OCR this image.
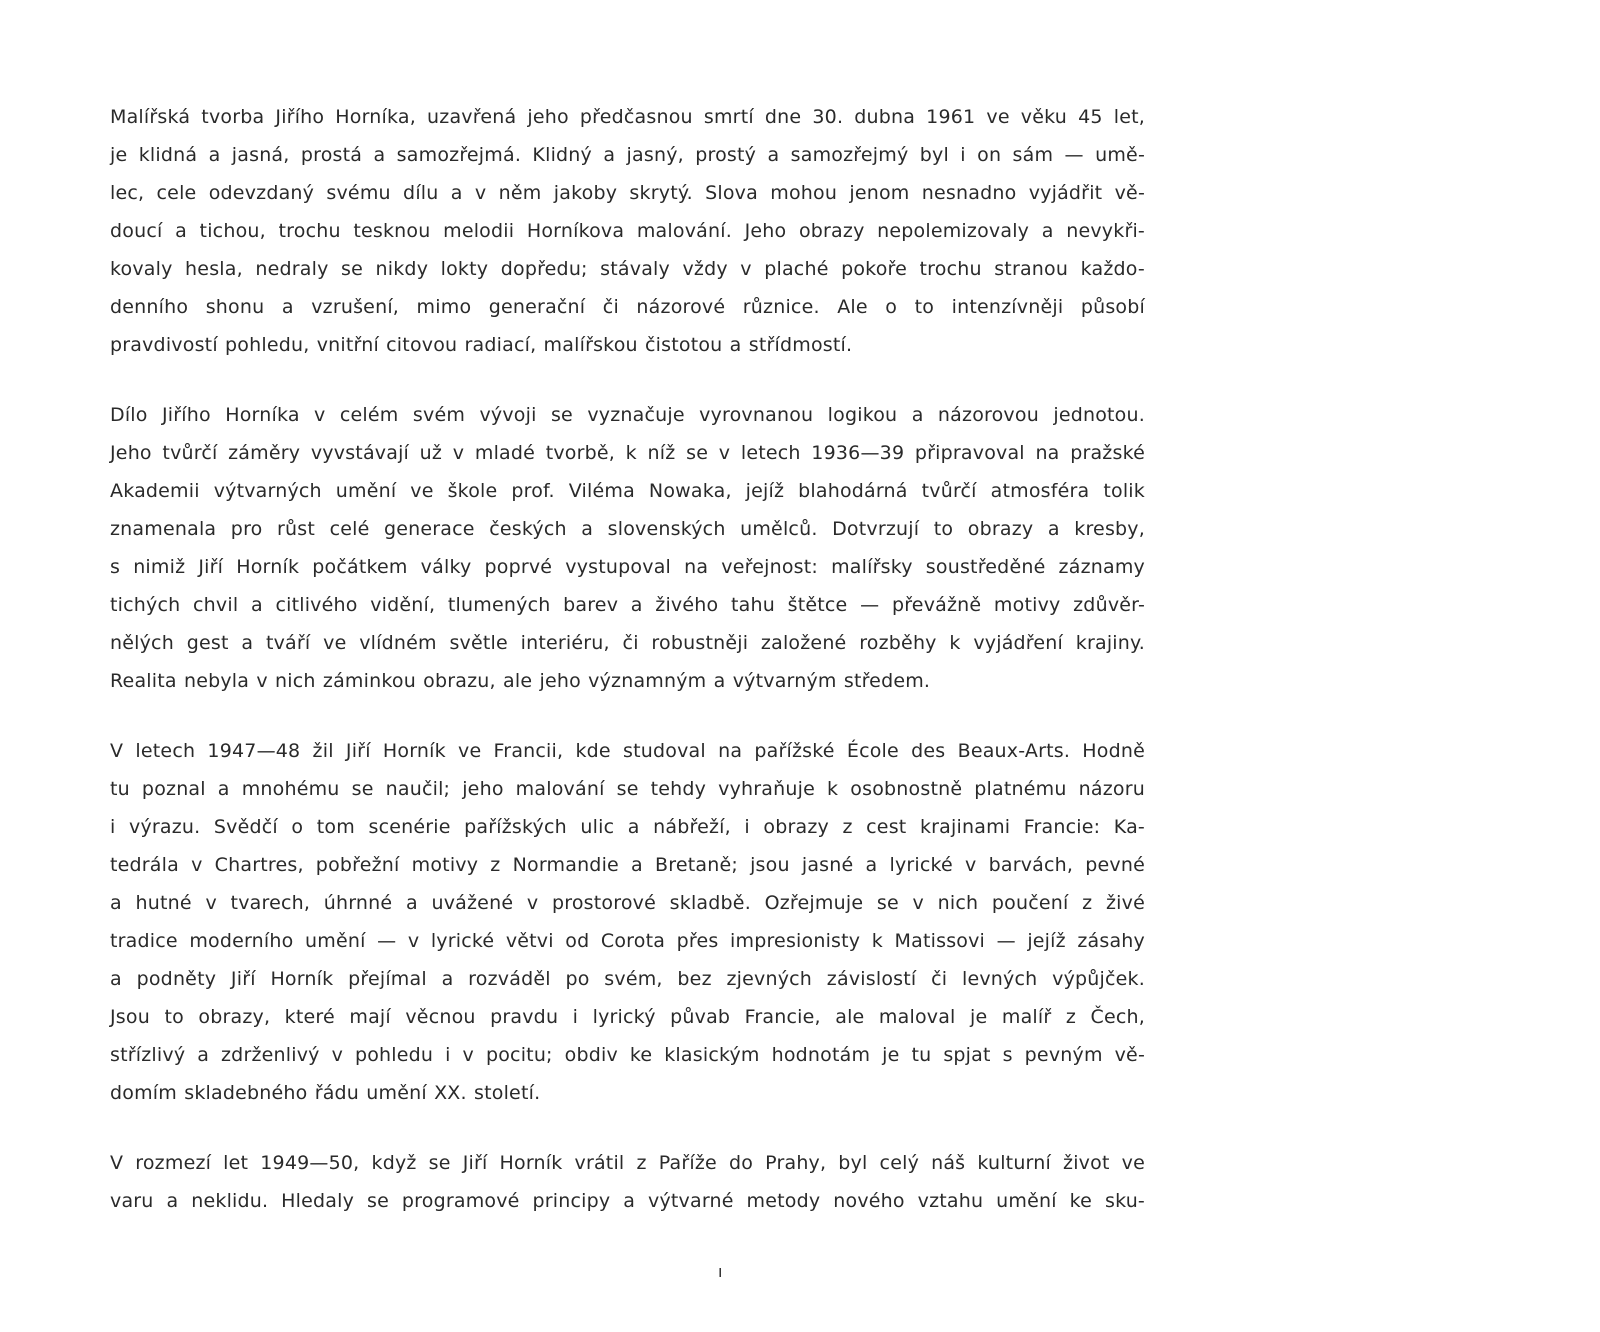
Malířská tvorba Jiřího Horníka, uzavřená jeho předčasnou smrtí dne 30. dubna 1961 ve věku 45 let,
je klidná a jasná, prostá a samozřejmá. Klidný a jasný, prostý a samozřejmý byl i on sám — umě-
lec, cele odevzdaný svému dílu a v něm jakoby skrytý. Slova mohou jenom nesnadno vyjádřit vě-
doucí a tichou, trochu tesknou melodii Horníkova malování. Jeho obrazy nepolemizovaly a nevykři-
kovaly hesla, nedraly se nikdy lokty dopředu; stávaly vždy v plaché pokoře trochu stranou každo-
denního shonu a vzrušení, mimo generační či názorové různice. Ale o to intenzívněji působí
pravdivostí pohledu, vnitřní citovou radiací, malířskou čistotou a střídmostí.

Dílo Jiřího Horníka v celém svém vývoji se vyznačuje vyrovnanou logikou a názorovou jednotou.
Jeho tvůrčí záměry vyvstávají už v mladé tvorbě, k níž se v letech 1936—39 připravoval na pražské
Akademii výtvarných umění ve škole prof. Viléma Nowaka, jejíž blahodárná tvůrčí atmosféra tolik
znamenala pro růst celé generace českých a slovenských umělců. Dotvrzují to obrazy a kresby,
s nimiž Jiří Horník počátkem války poprvé vystupoval na veřejnost: malířsky soustředěné záznamy
tichých chvil a citlivého vidění, tlumených barev a živého tahu štětce — převážně motivy zdůvěr-
nělých gest a tváří ve vlídném světle interiéru, či robustněji založené rozběhy k vyjádření krajiny.
Realita nebyla v nich záminkou obrazu, ale jeho významným a výtvarným středem.

V letech 1947—48 žil Jiří Horník ve Francii, kde studoval na pařížské École des Beaux-Arts. Hodně
tu poznal a mnohému se naučil; jeho malování se tehdy vyhraňuje k osobnostně platnému názoru
i výrazu. Svědčí o tom scenérie pařížských ulic a nábřeží, i obrazy z cest krajinami Francie: Ka-
tedrála v Chartres, pobřežní motivy z Normandie a Bretaně; jsou jasné a lyrické v barvách, pevné
a hutné v tvarech, úhrnné a uvážené v prostorové skladbě. Ozřejmuje se v nich poučení z živé
tradice moderního umění — v lyrické větvi od Corota přes impresionisty k Matissovi — jejíž zásahy
a podněty Jiří Horník přejímal a rozváděl po svém, bez zjevných závislostí či levných výpůjček.
Jsou to obrazy, které mají věcnou pravdu i lyrický půvab Francie, ale maloval je malíř z Čech,
střízlivý a zdrženlivý v pohledu i v pocitu; obdiv ke klasickým hodnotám je tu spjat s pevným vě-
domím skladebného řádu umění XX. století.

V rozmezí let 1949—50, když se Jiří Horník vrátil z Paříže do Prahy, byl celý náš kulturní život ve
varu a neklidu. Hledaly se programové principy a výtvarné metody nového vztahu umění ke sku-

ı
